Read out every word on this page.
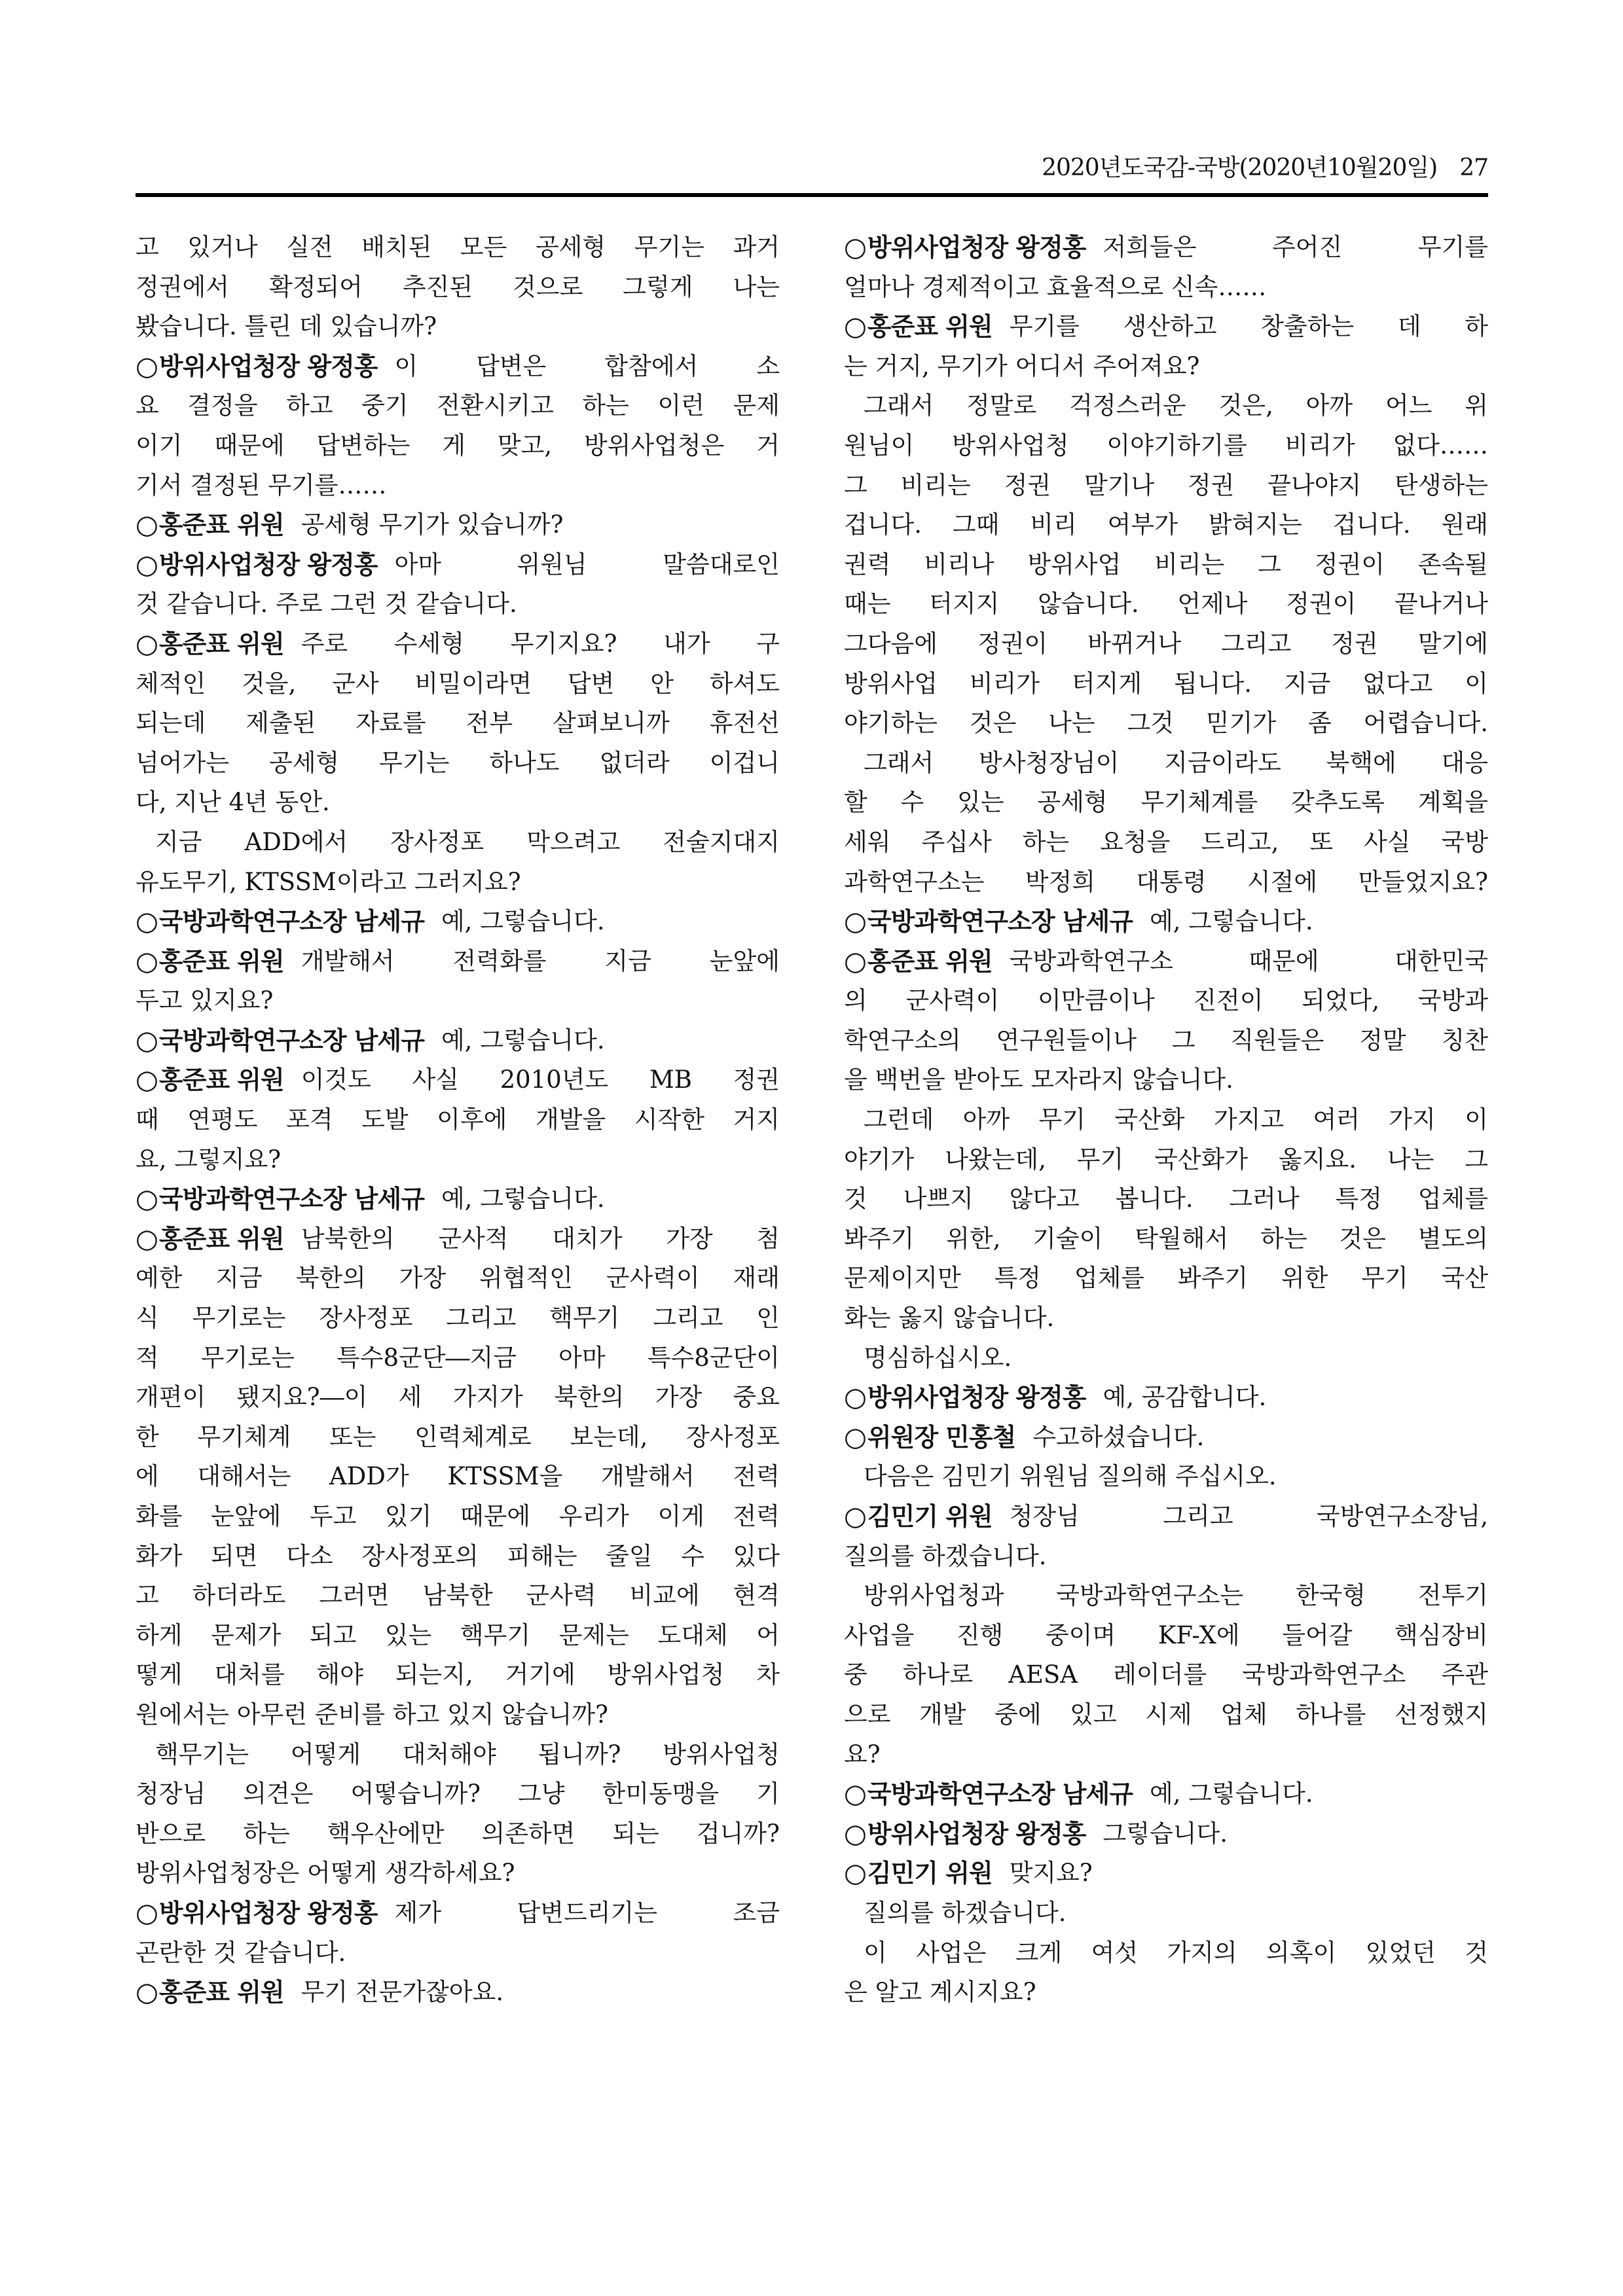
2020년도국감-국방(2020년10월20일) 27
고 있거나 실전 배치된 모든 공세형 무기는 과거
정권에서 확정되어 추진된 것으로 그렇게 나는
봤습니다. 틀린 데 있습니까?
○방위사업청장 왕정홍 이 답변은 합참에서 소
요 결정을 하고 중기 전환시키고 하는 이런 문제
이기 때문에 답변하는 게 맞고, 방위사업청은 거
기서 결정된 무기를……
○홍준표 위원 공세형 무기가 있습니까?
○방위사업청장 왕정홍 아마 위원님 말씀대로인
것 같습니다. 주로 그런 것 같습니다.
○홍준표 위원 주로 수세형 무기지요? 내가 구
체적인 것을, 군사 비밀이라면 답변 안 하셔도
되는데 제출된 자료를 전부 살펴보니까 휴전선
넘어가는 공세형 무기는 하나도 없더라 이겁니
다, 지난 4년 동안.
지금 ADD에서 장사정포 막으려고 전술지대지
유도무기, KTSSM이라고 그러지요?
○국방과학연구소장 남세규 예, 그렇습니다.
○홍준표 위원 개발해서 전력화를 지금 눈앞에
두고 있지요?
○국방과학연구소장 남세규 예, 그렇습니다.
○홍준표 위원 이것도 사실 2010년도 MB 정권
때 연평도 포격 도발 이후에 개발을 시작한 거지
요, 그렇지요?
○국방과학연구소장 남세규 예, 그렇습니다.
○홍준표 위원 남북한의 군사적 대치가 가장 첨
예한 지금 북한의 가장 위협적인 군사력이 재래
식 무기로는 장사정포 그리고 핵무기 그리고 인
적 무기로는 특수8군단―지금 아마 특수8군단이
개편이 됐지요?―이 세 가지가 북한의 가장 중요
한 무기체계 또는 인력체계로 보는데, 장사정포
에 대해서는 ADD가 KTSSM을 개발해서 전력
화를 눈앞에 두고 있기 때문에 우리가 이게 전력
화가 되면 다소 장사정포의 피해는 줄일 수 있다
고 하더라도 그러면 남북한 군사력 비교에 현격
하게 문제가 되고 있는 핵무기 문제는 도대체 어
떻게 대처를 해야 되는지, 거기에 방위사업청 차
원에서는 아무런 준비를 하고 있지 않습니까?
핵무기는 어떻게 대처해야 됩니까? 방위사업청
청장님 의견은 어떻습니까? 그냥 한미동맹을 기
반으로 하는 핵우산에만 의존하면 되는 겁니까?
방위사업청장은 어떻게 생각하세요?
○방위사업청장 왕정홍 제가 답변드리기는 조금
곤란한 것 같습니다.
○홍준표 위원 무기 전문가잖아요.
○방위사업청장 왕정홍 저희들은 주어진 무기를
얼마나 경제적이고 효율적으로 신속……
○홍준표 위원 무기를 생산하고 창출하는 데 하
는 거지, 무기가 어디서 주어져요?
그래서 정말로 걱정스러운 것은, 아까 어느 위
원님이 방위사업청 이야기하기를 비리가 없다……
그 비리는 정권 말기나 정권 끝나야지 탄생하는
겁니다. 그때 비리 여부가 밝혀지는 겁니다. 원래
권력 비리나 방위사업 비리는 그 정권이 존속될
때는 터지지 않습니다. 언제나 정권이 끝나거나
그다음에 정권이 바뀌거나 그리고 정권 말기에
방위사업 비리가 터지게 됩니다. 지금 없다고 이
야기하는 것은 나는 그것 믿기가 좀 어렵습니다.
그래서 방사청장님이 지금이라도 북핵에 대응
할 수 있는 공세형 무기체계를 갖추도록 계획을
세워 주십사 하는 요청을 드리고, 또 사실 국방
과학연구소는 박정희 대통령 시절에 만들었지요?
○국방과학연구소장 남세규 예, 그렇습니다.
○홍준표 위원 국방과학연구소 때문에 대한민국
의 군사력이 이만큼이나 진전이 되었다, 국방과
학연구소의 연구원들이나 그 직원들은 정말 칭찬
을 백번을 받아도 모자라지 않습니다.
그런데 아까 무기 국산화 가지고 여러 가지 이
야기가 나왔는데, 무기 국산화가 옳지요. 나는 그
것 나쁘지 않다고 봅니다. 그러나 특정 업체를
봐주기 위한, 기술이 탁월해서 하는 것은 별도의
문제이지만 특정 업체를 봐주기 위한 무기 국산
화는 옳지 않습니다.
명심하십시오.
○방위사업청장 왕정홍 예, 공감합니다.
○위원장 민홍철 수고하셨습니다.
다음은 김민기 위원님 질의해 주십시오.
○김민기 위원 청장님 그리고 국방연구소장님,
질의를 하겠습니다.
방위사업청과 국방과학연구소는 한국형 전투기
사업을 진행 중이며 KF-X에 들어갈 핵심장비
중 하나로 AESA 레이더를 국방과학연구소 주관
으로 개발 중에 있고 시제 업체 하나를 선정했지
요?
○국방과학연구소장 남세규 예, 그렇습니다.
○방위사업청장 왕정홍 그렇습니다.
○김민기 위원 맞지요?
질의를 하겠습니다.
이 사업은 크게 여섯 가지의 의혹이 있었던 것
은 알고 계시지요?
